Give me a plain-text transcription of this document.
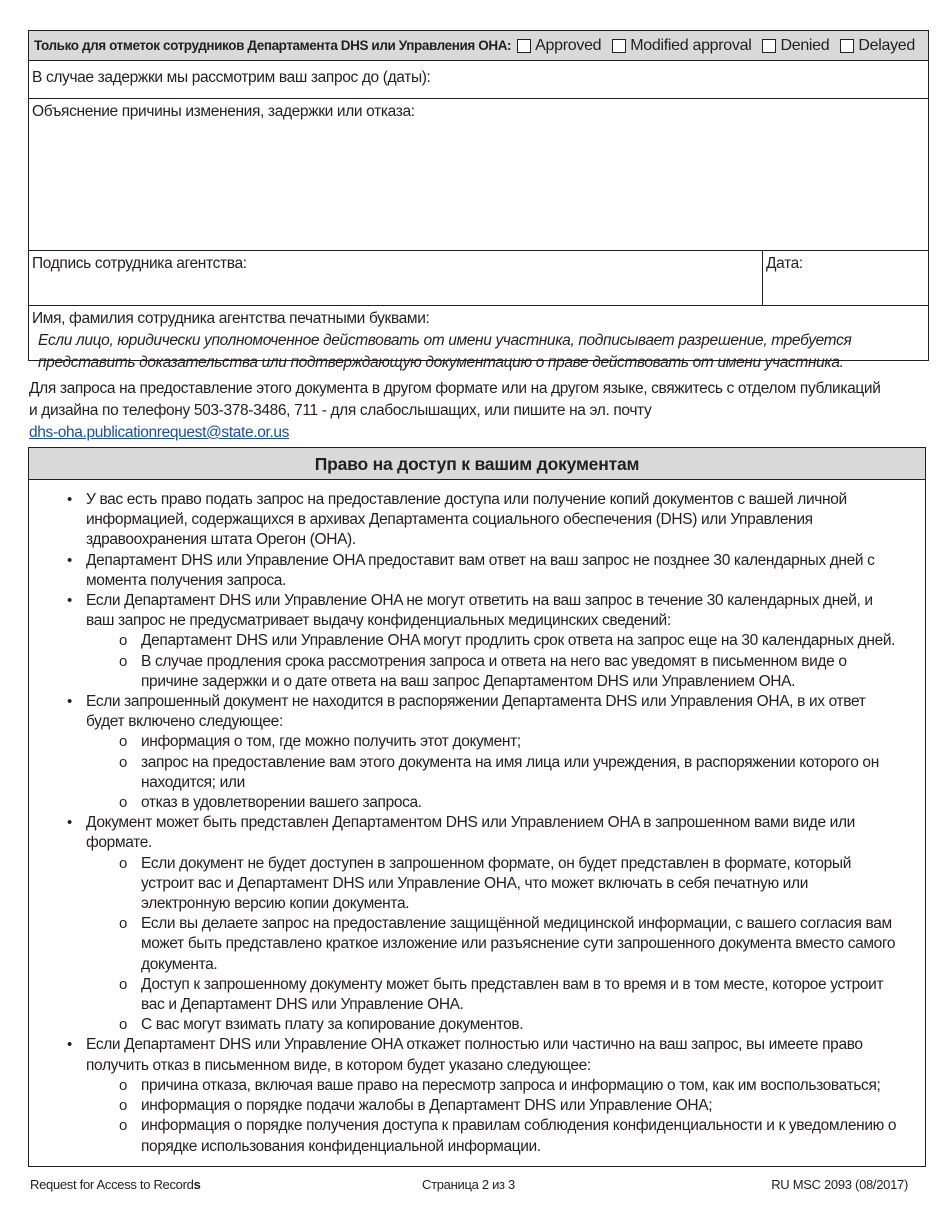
Только для отметок сотрудников Департамента DHS или Управления OHA: Approved Modified approval Denied Delayed
В случае задержки мы рассмотрим ваш запрос до (даты):
Объяснение причины изменения, задержки или отказа:
Подпись сотрудника агентства:	Дата:
Имя, фамилия сотрудника агентства печатными буквами:

Если лицо, юридически уполномоченное действовать от имени участника, подписывает разрешение, требуется
представить доказательства или подтверждающую документацию о праве действовать от имени участника.

Для запроса на предоставление этого документа в другом формате или на другом языке, свяжитесь с отделом публикаций
и дизайна по телефону 503-378-3486, 711 - для слабослышащих, или пишите на эл. почту
dhs-oha.publicationrequest@state.or.us

Право на доступ к вашим документам
• У вас есть право подать запрос на предоставление доступа или получение копий документов с вашей личной
информацией, содержащихся в архивах Департамента социального обеспечения (DHS) или Управления
здравоохранения штата Орегон (OHA).
• Департамент DHS или Управление OHA предоставит вам ответ на ваш запрос не позднее 30 календарных дней с
момента получения запроса.
• Если Департамент DHS или Управление OHA не могут ответить на ваш запрос в течение 30 календарных дней, и
ваш запрос не предусматривает выдачу конфиденциальных медицинских сведений:
o Департамент DHS или Управление OHA могут продлить срок ответа на запрос еще на 30 календарных дней.
o В случае продления срока рассмотрения запроса и ответа на него вас уведомят в письменном виде о
причине задержки и о дате ответа на ваш запрос Департаментом DHS или Управлением OHA.
• Если запрошенный документ не находится в распоряжении Департамента DHS или Управления OHA, в их ответ
будет включено следующее:
o информация о том, где можно получить этот документ;
o запрос на предоставление вам этого документа на имя лица или учреждения, в распоряжении которого он
находится; или
o отказ в удовлетворении вашего запроса.
• Документ может быть представлен Департаментом DHS или Управлением OHA в запрошенном вами виде или
формате.
o Если документ не будет доступен в запрошенном формате, он будет представлен в формате, который
устроит вас и Департамент DHS или Управление OHA, что может включать в себя печатную или
электронную версию копии документа.
o Если вы делаете запрос на предоставление защищённой медицинской информации, с вашего согласия вам
может быть представлено краткое изложение или разъяснение сути запрошенного документа вместо самого
документа.
o Доступ к запрошенному документу может быть представлен вам в то время и в том месте, которое устроит
вас и Департамент DHS или Управление OHA.
o С вас могут взимать плату за копирование документов.
• Если Департамент DHS или Управление OHA откажет полностью или частично на ваш запрос, вы имеете право
получить отказ в письменном виде, в котором будет указано следующее:
o причина отказа, включая ваше право на пересмотр запроса и информацию о том, как им воспользоваться;
o информация о порядке подачи жалобы в Департамент DHS или Управление OHA;
o информация о порядке получения доступа к правилам соблюдения конфиденциальности и к уведомлению о
порядке использования конфиденциальной информации.
Request for Access to Records	Страница 2 из 3	RU MSC 2093 (08/2017)
